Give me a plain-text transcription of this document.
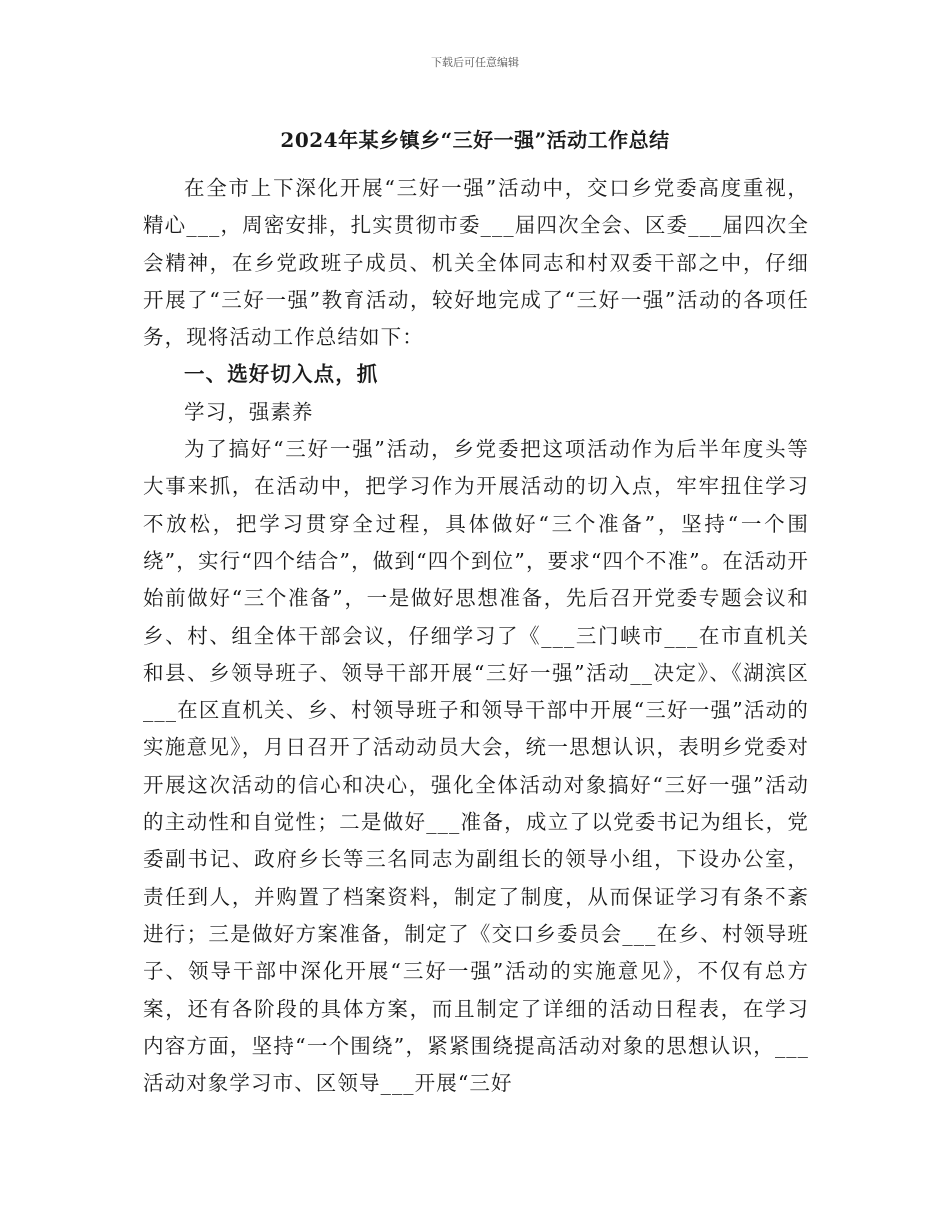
下载后可任意编辑
2024年某乡镇乡“三好一强”活动工作总结

在全市上下深化开展“三好一强”活动中，交口乡党委高度重视，精心___，周密安排，扎实贯彻市委___届四次全会、区委___届四次全会精神，在乡党政班子成员、机关全体同志和村双委干部之中，仔细开展了“三好一强”教育活动，较好地完成了“三好一强”活动的各项任务，现将活动工作总结如下：

一、选好切入点，抓

学习，强素养

为了搞好“三好一强”活动，乡党委把这项活动作为后半年度头等大事来抓，在活动中，把学习作为开展活动的切入点，牢牢扭住学习不放松，把学习贯穿全过程，具体做好“三个准备”，坚持“一个围绕”，实行“四个结合”，做到“四个到位”，要求“四个不准”。在活动开始前做好“三个准备”，一是做好思想准备，先后召开党委专题会议和乡、村、组全体干部会议，仔细学习了《___三门峡市___在市直机关和县、乡领导班子、领导干部开展“三好一强”活动__决定》、《湖滨区___在区直机关、乡、村领导班子和领导干部中开展“三好一强”活动的实施意见》，月日召开了活动动员大会，统一思想认识，表明乡党委对开展这次活动的信心和决心，强化全体活动对象搞好“三好一强”活动的主动性和自觉性；二是做好___准备，成立了以党委书记为组长，党委副书记、政府乡长等三名同志为副组长的领导小组，下设办公室，责任到人，并购置了档案资料，制定了制度，从而保证学习有条不紊进行；三是做好方案准备，制定了《交口乡委员会___在乡、村领导班子、领导干部中深化开展“三好一强”活动的实施意见》，不仅有总方案，还有各阶段的具体方案，而且制定了详细的活动日程表，在学习内容方面，坚持“一个围绕”，紧紧围绕提高活动对象的思想认识，___活动对象学习市、区领导___开展“三好
